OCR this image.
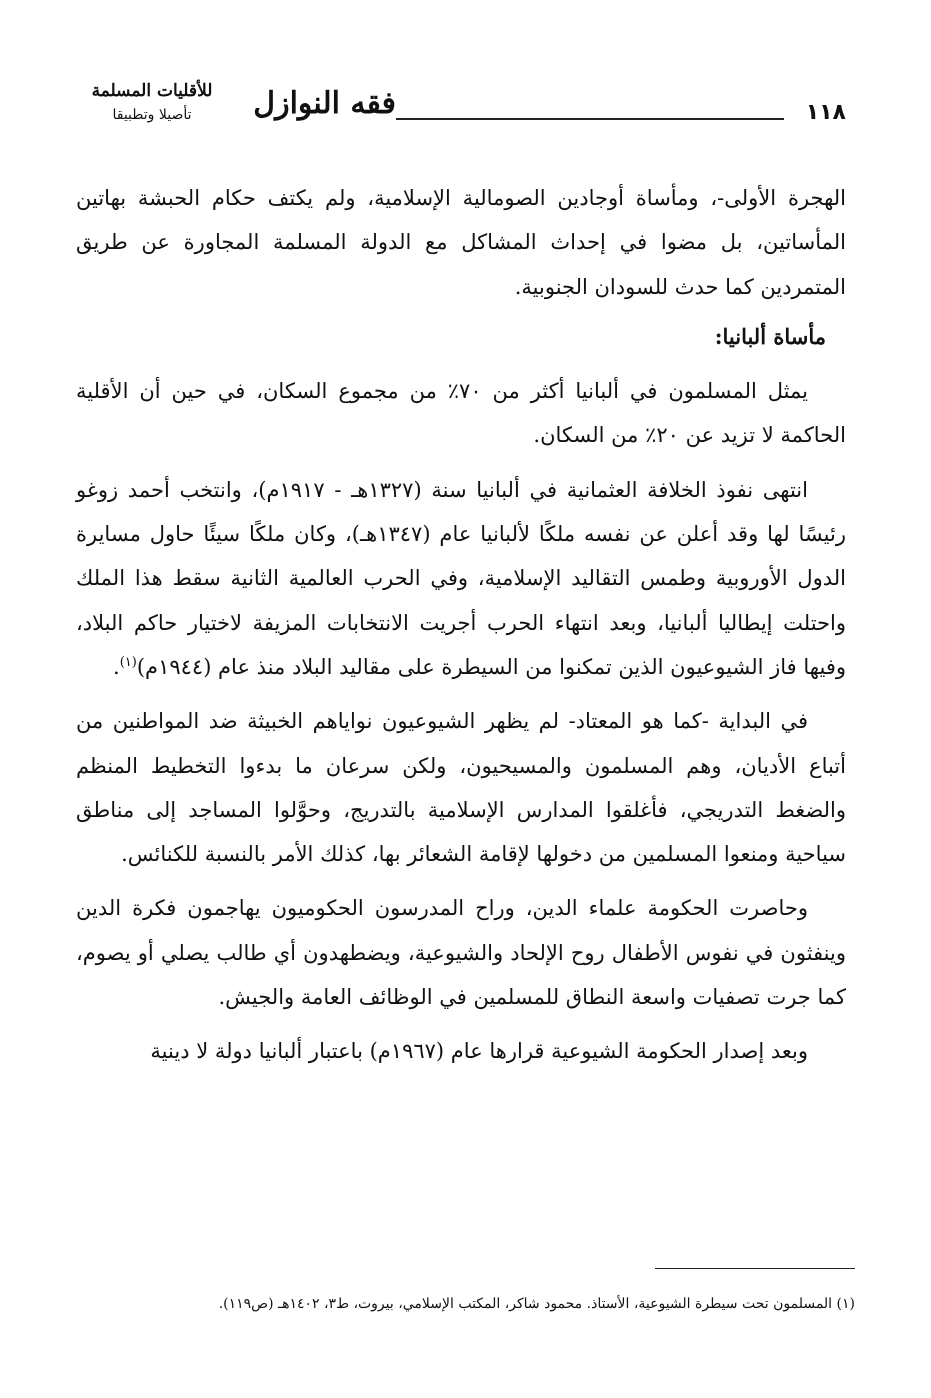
١١٨
فقه النوازل
للأقليات المسلمة
تأصيلا وتطبيقا

الهجرة الأولى-، ومأساة أوجادين الصومالية الإسلامية، ولم يكتف حكام الحبشة بهاتين المأساتين، بل مضوا في إحداث المشاكل مع الدولة المسلمة المجاورة عن طريق المتمردين كما حدث للسودان الجنوبية.

مأساة ألبانيا:

يمثل المسلمون في ألبانيا أكثر من ٧٠٪ من مجموع السكان، في حين أن الأقلية الحاكمة لا تزيد عن ٢٠٪ من السكان.

انتهى نفوذ الخلافة العثمانية في ألبانيا سنة (١٣٢٧هـ - ١٩١٧م)، وانتخب أحمد زوغو رئيسًا لها وقد أعلن عن نفسه ملكًا لألبانيا عام (١٣٤٧هـ)، وكان ملكًا سيئًا حاول مسايرة الدول الأوروبية وطمس التقاليد الإسلامية، وفي الحرب العالمية الثانية سقط هذا الملك واحتلت إيطاليا ألبانيا، وبعد انتهاء الحرب أجريت الانتخابات المزيفة لاختيار حاكم البلاد، وفيها فاز الشيوعيون الذين تمكنوا من السيطرة على مقاليد البلاد منذ عام (١٩٤٤م)$^{(١)}$.

في البداية -كما هو المعتاد- لم يظهر الشيوعيون نواياهم الخبيثة ضد المواطنين من أتباع الأديان، وهم المسلمون والمسيحيون، ولكن سرعان ما بدءوا التخطيط المنظم والضغط التدريجي، فأغلقوا المدارس الإسلامية بالتدريج، وحوَّلوا المساجد إلى مناطق سياحية ومنعوا المسلمين من دخولها لإقامة الشعائر بها، كذلك الأمر بالنسبة للكنائس.

وحاصرت الحكومة علماء الدين، وراح المدرسون الحكوميون يهاجمون فكرة الدين وينفثون في نفوس الأطفال روح الإلحاد والشيوعية، ويضطهدون أي طالب يصلي أو يصوم، كما جرت تصفيات واسعة النطاق للمسلمين في الوظائف العامة والجيش.

وبعد إصدار الحكومة الشيوعية قرارها عام (١٩٦٧م) باعتبار ألبانيا دولة لا دينية

(١) المسلمون تحت سيطرة الشيوعية، الأستاذ. محمود شاكر، المكتب الإسلامي، بيروت، ط٣، ١٤٠٢هـ (ص١١٩).
